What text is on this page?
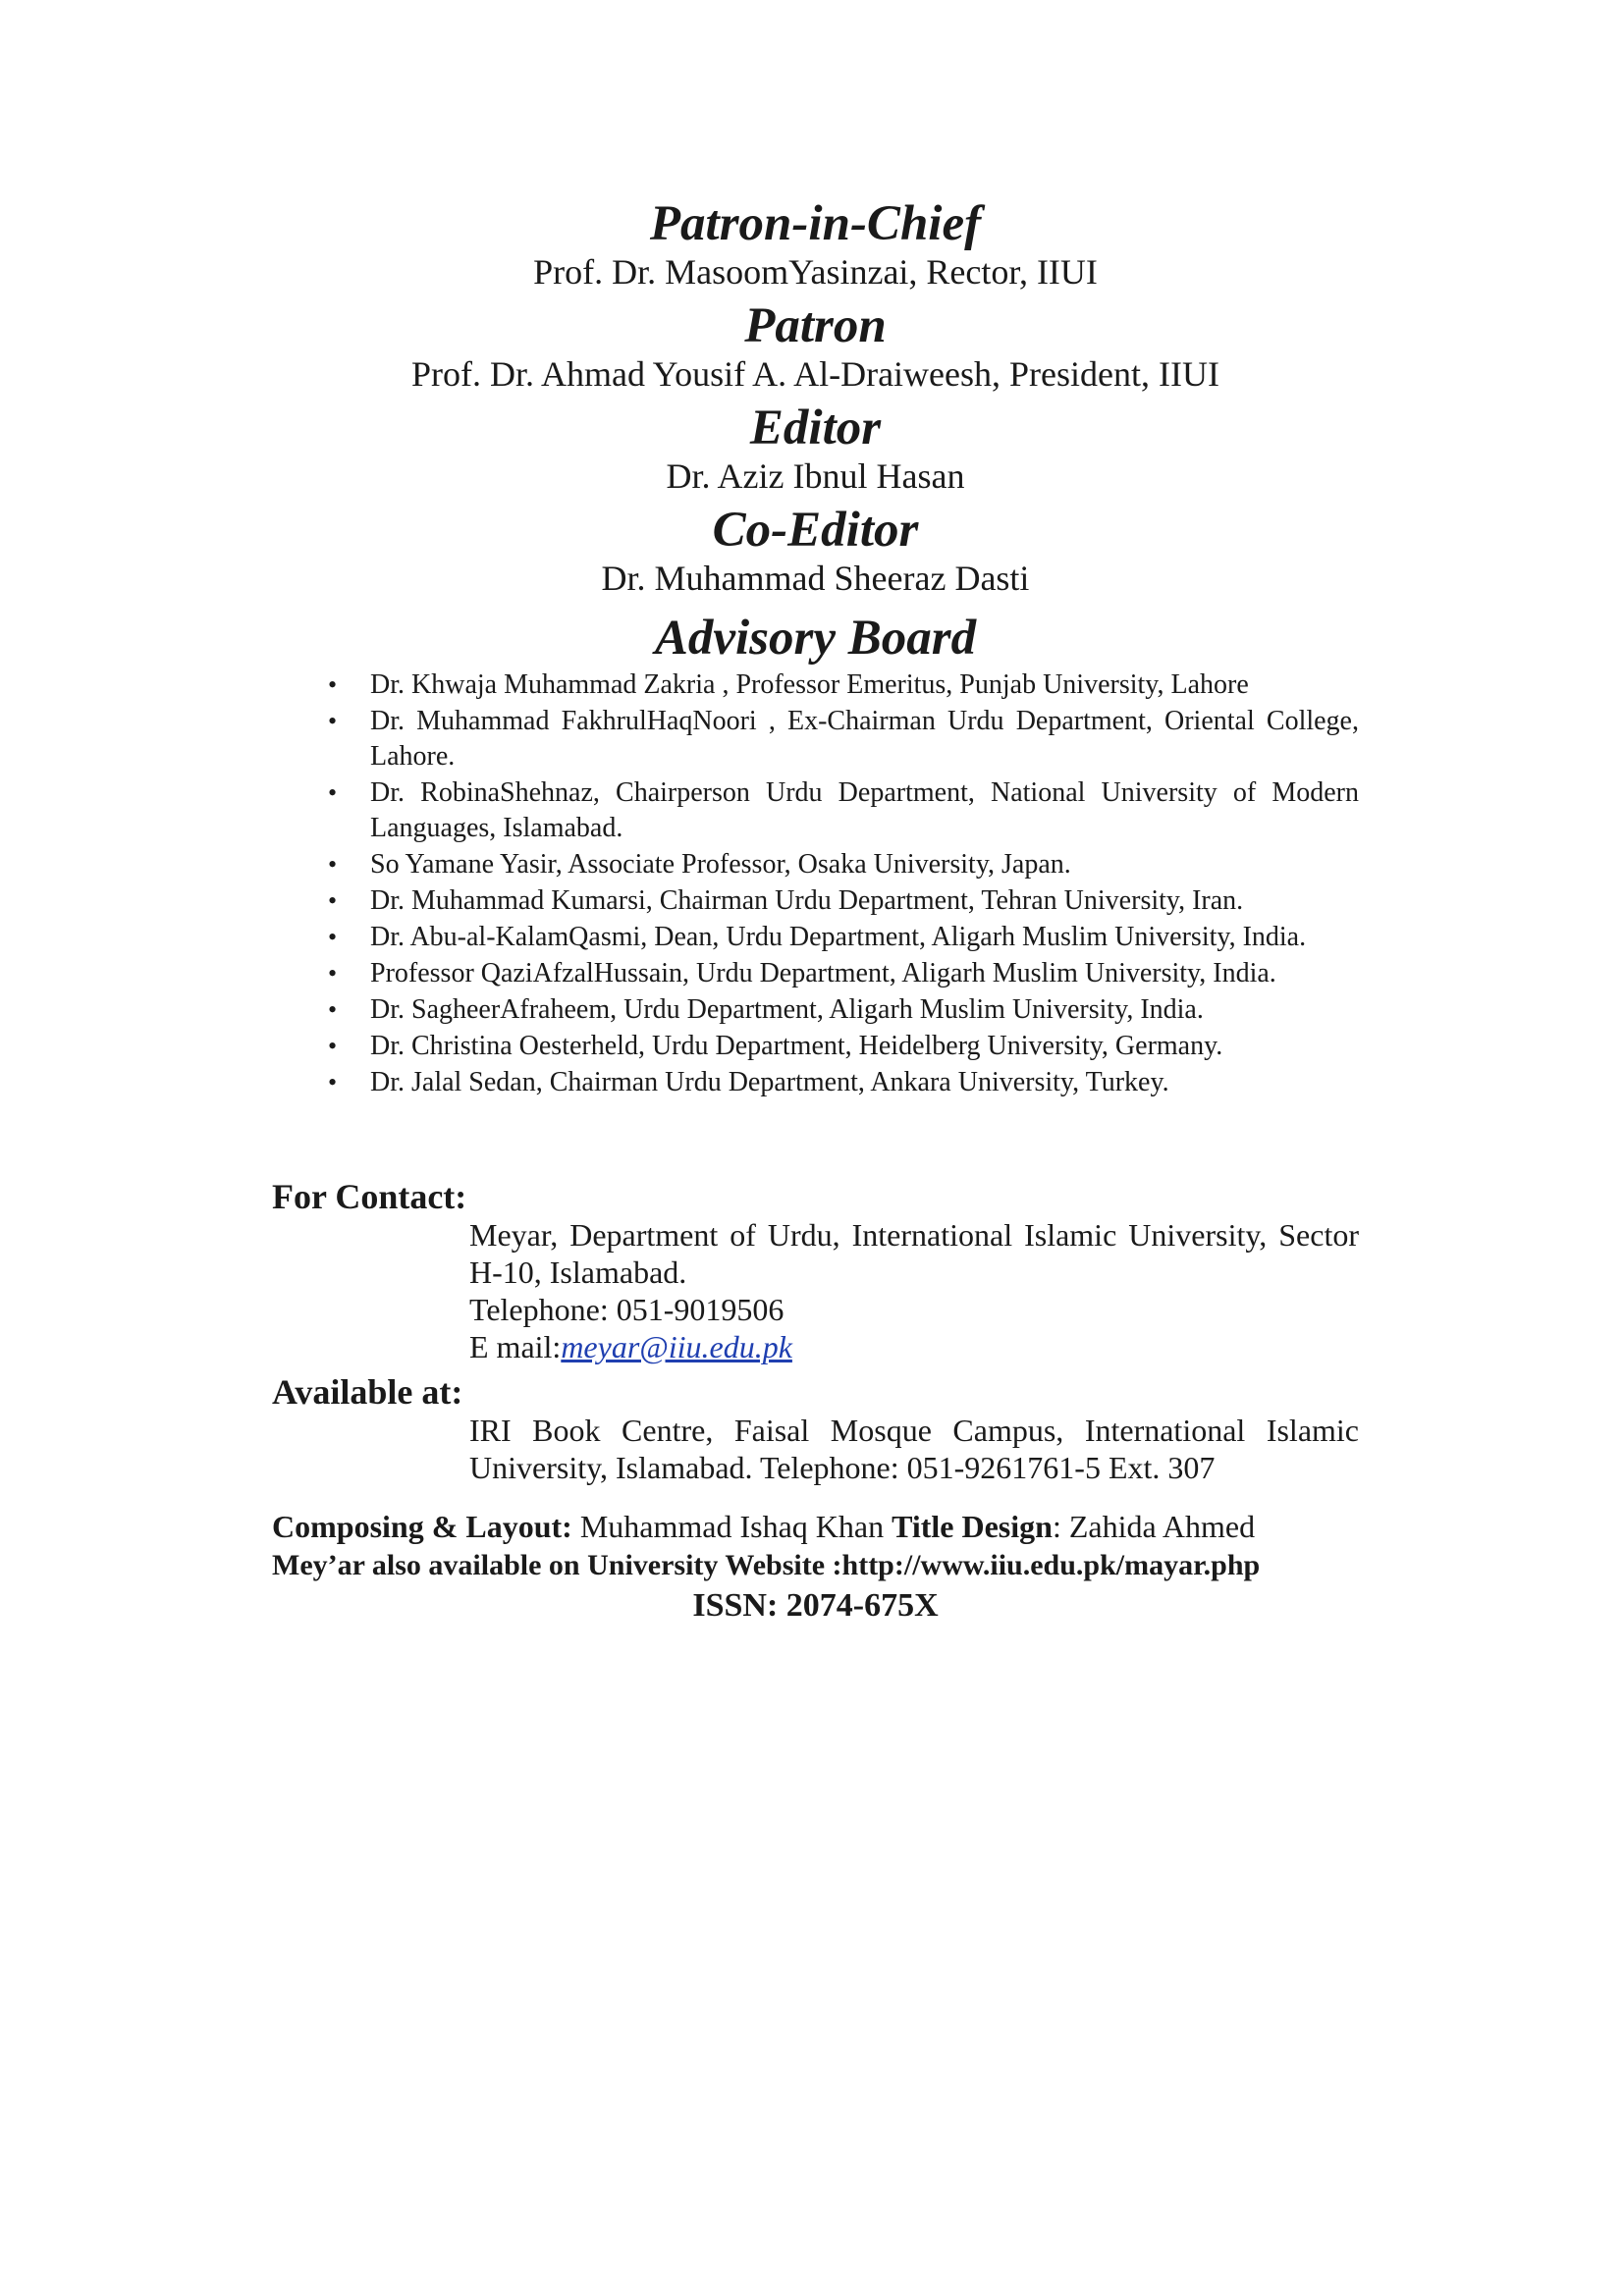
Patron-in-Chief

Prof. Dr. MasoomYasinzai, Rector, IIUI

Patron

Prof. Dr. Ahmad Yousif A. Al-Draiweesh, President, IIUI

Editor

Dr. Aziz Ibnul Hasan

Co-Editor

Dr. Muhammad Sheeraz Dasti

Advisory Board

• Dr. Khwaja Muhammad Zakria , Professor Emeritus, Punjab University, Lahore
• Dr. Muhammad FakhrulHaqNoori , Ex-Chairman Urdu Department, Oriental College, Lahore.
• Dr. RobinaShehnaz, Chairperson Urdu Department, National University of Modern Languages, Islamabad.
• So Yamane Yasir, Associate Professor, Osaka University, Japan.
• Dr. Muhammad Kumarsi, Chairman Urdu Department, Tehran University, Iran.
• Dr. Abu-al-KalamQasmi, Dean, Urdu Department, Aligarh Muslim University, India.
• Professor QaziAfzalHussain, Urdu Department, Aligarh Muslim University, India.
• Dr. SagheerAfraheem, Urdu Department, Aligarh Muslim University, India.
• Dr. Christina Oesterheld, Urdu Department, Heidelberg University, Germany.
• Dr. Jalal Sedan, Chairman Urdu Department, Ankara University, Turkey.

For Contact:

Meyar, Department of Urdu, International Islamic University, Sector H-10, Islamabad.

Telephone: 051-9019506

E mail:meyar@iiu.edu.pk

Available at:

IRI Book Centre, Faisal Mosque Campus, International Islamic University, Islamabad. Telephone: 051-9261761-5 Ext. 307

Composing & Layout: Muhammad Ishaq Khan Title Design: Zahida Ahmed

Mey’ar also available on University Website :http://www.iiu.edu.pk/mayar.php

ISSN: 2074-675X
